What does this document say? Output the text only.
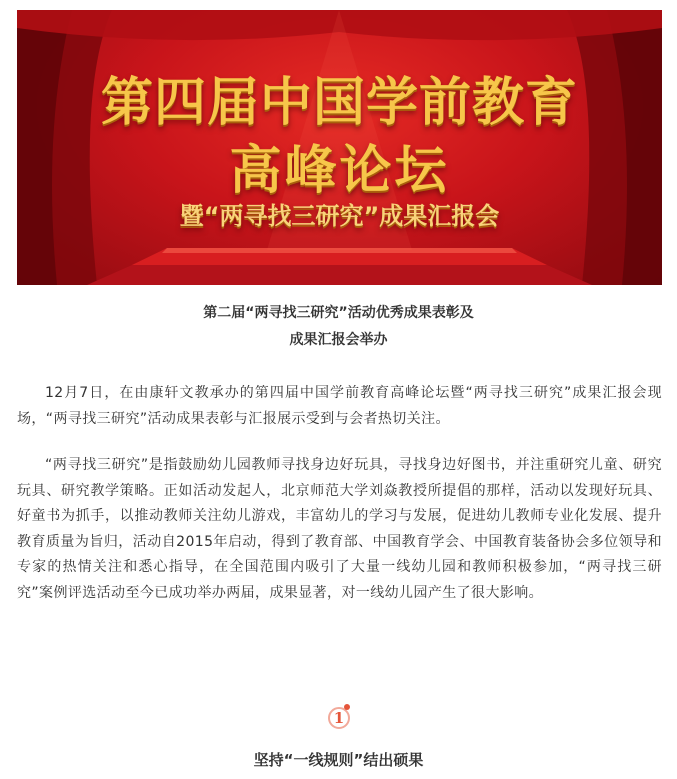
第四届中国学前教育
高峰论坛
暨“两寻找三研究”成果汇报会
第二届“两寻找三研究”活动优秀成果表彰及
成果汇报会举办
12月7日，在由康轩文教承办的第四届中国学前教育高峰论坛暨“两寻找三研究”成果汇报会现场，“两寻找三研究”活动成果表彰与汇报展示受到与会者热切关注。
“两寻找三研究”是指鼓励幼儿园教师寻找身边好玩具，寻找身边好图书，并注重研究儿童、研究玩具、研究教学策略。正如活动发起人，北京师范大学刘焱教授所提倡的那样，活动以发现好玩具、好童书为抓手，以推动教师关注幼儿游戏，丰富幼儿的学习与发展，促进幼儿教师专业化发展、提升教育质量为旨归，活动自2015年启动，得到了教育部、中国教育学会、中国教育装备协会多位领导和专家的热情关注和悉心指导，在全国范围内吸引了大量一线幼儿园和教师积极参加，“两寻找三研究”案例评选活动至今已成功举办两届，成果显著，对一线幼儿园产生了很大影响。
1
坚持“一线规则”结出硕果
